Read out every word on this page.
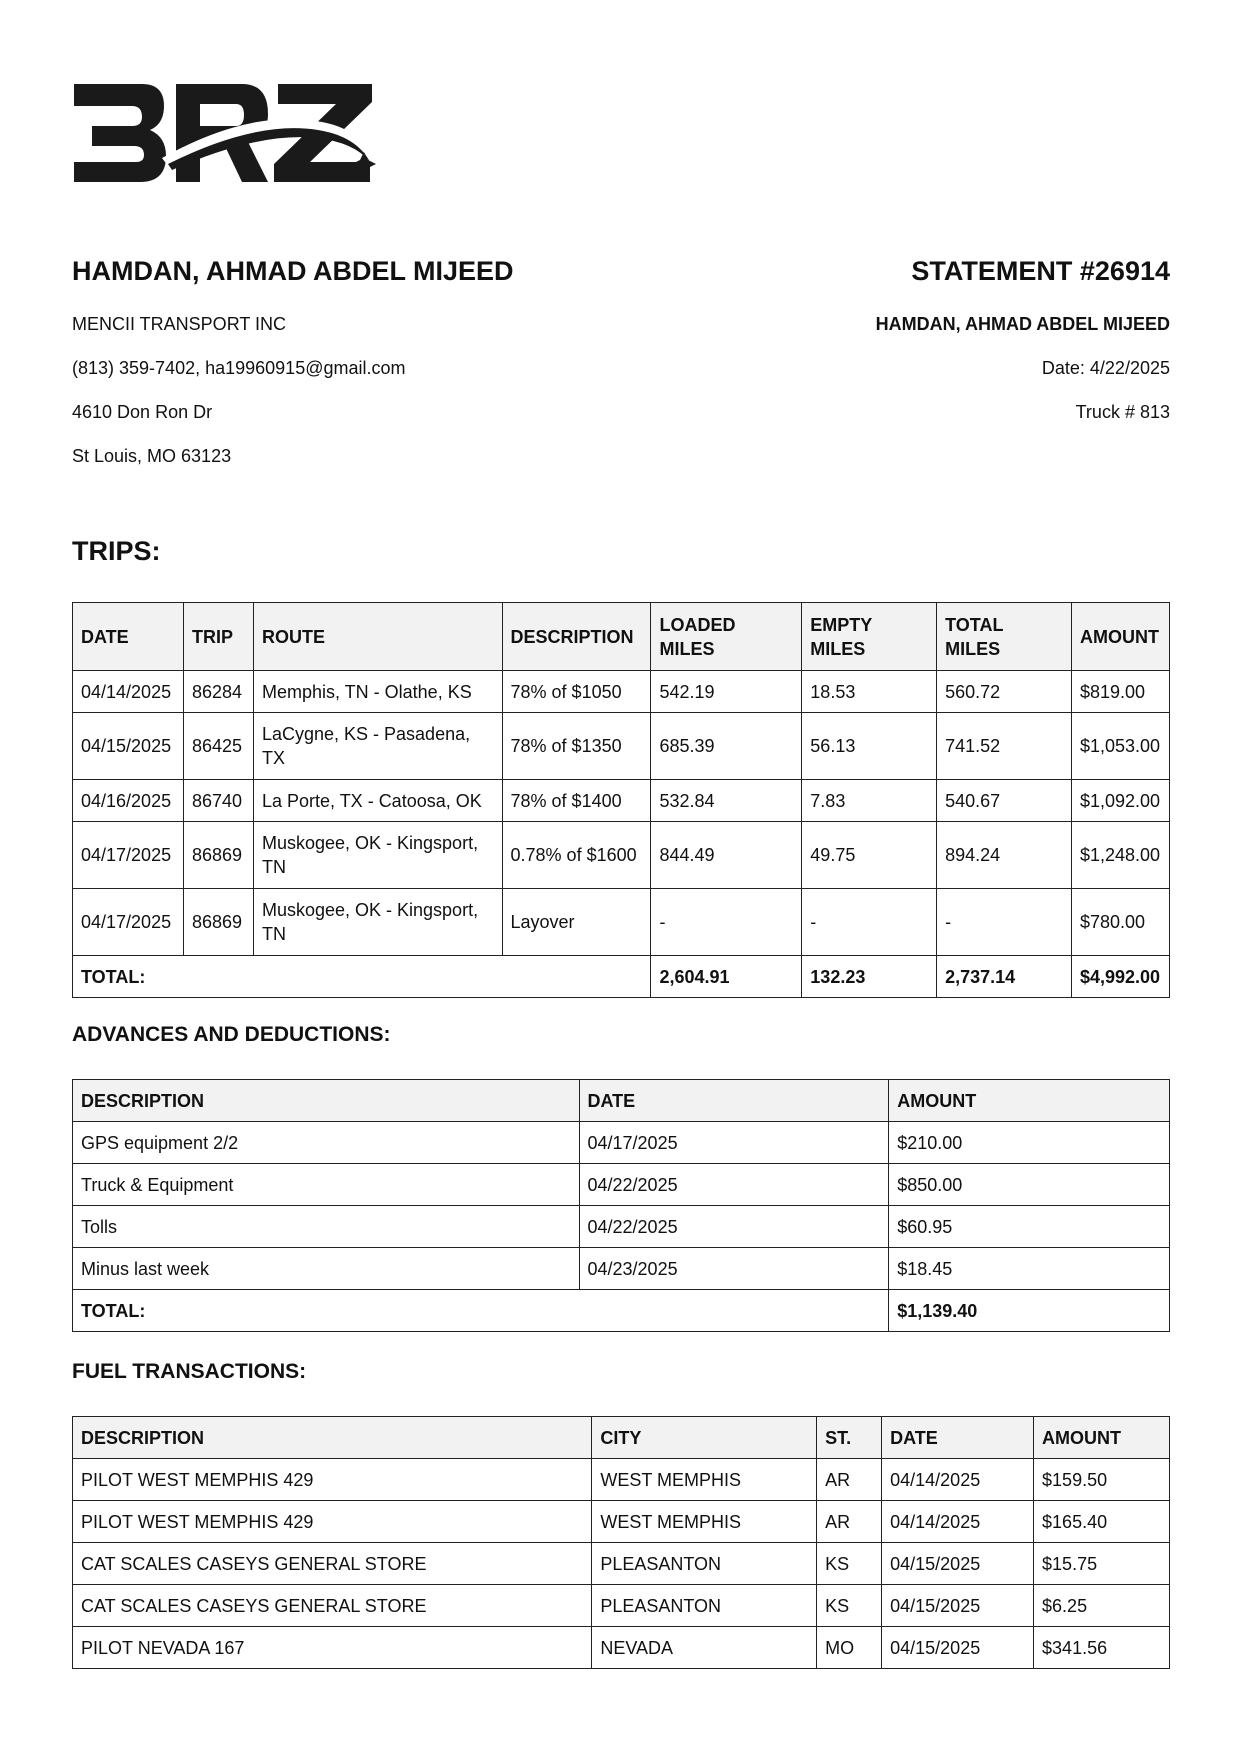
HAMDAN, AHMAD ABDEL MIJEED
MENCII TRANSPORT INC
(813) 359-7402, ha19960915@gmail.com
4610 Don Ron Dr
St Louis, MO 63123
STATEMENT #26914
HAMDAN, AHMAD ABDEL MIJEED
Date: 4/22/2025
Truck # 813
TRIPS:
DATE	TRIP	ROUTE	DESCRIPTION	LOADED MILES	EMPTY MILES	TOTAL MILES	AMOUNT
04/14/2025	86284	Memphis, TN - Olathe, KS	78% of $1050	542.19	18.53	560.72	$819.00
04/15/2025	86425	LaCygne, KS - Pasadena, TX	78% of $1350	685.39	56.13	741.52	$1,053.00
04/16/2025	86740	La Porte, TX - Catoosa, OK	78% of $1400	532.84	7.83	540.67	$1,092.00
04/17/2025	86869	Muskogee, OK - Kingsport, TN	0.78% of $1600	844.49	49.75	894.24	$1,248.00
04/17/2025	86869	Muskogee, OK - Kingsport, TN	Layover	-	-	-	$780.00
TOTAL:				2,604.91	132.23	2,737.14	$4,992.00
ADVANCES AND DEDUCTIONS:
DESCRIPTION	DATE	AMOUNT
GPS equipment 2/2	04/17/2025	$210.00
Truck & Equipment	04/22/2025	$850.00
Tolls	04/22/2025	$60.95
Minus last week	04/23/2025	$18.45
TOTAL:		$1,139.40
FUEL TRANSACTIONS:
DESCRIPTION	CITY	ST.	DATE	AMOUNT
PILOT WEST MEMPHIS 429	WEST MEMPHIS	AR	04/14/2025	$159.50
PILOT WEST MEMPHIS 429	WEST MEMPHIS	AR	04/14/2025	$165.40
CAT SCALES CASEYS GENERAL STORE	PLEASANTON	KS	04/15/2025	$15.75
CAT SCALES CASEYS GENERAL STORE	PLEASANTON	KS	04/15/2025	$6.25
PILOT NEVADA 167	NEVADA	MO	04/15/2025	$341.56
